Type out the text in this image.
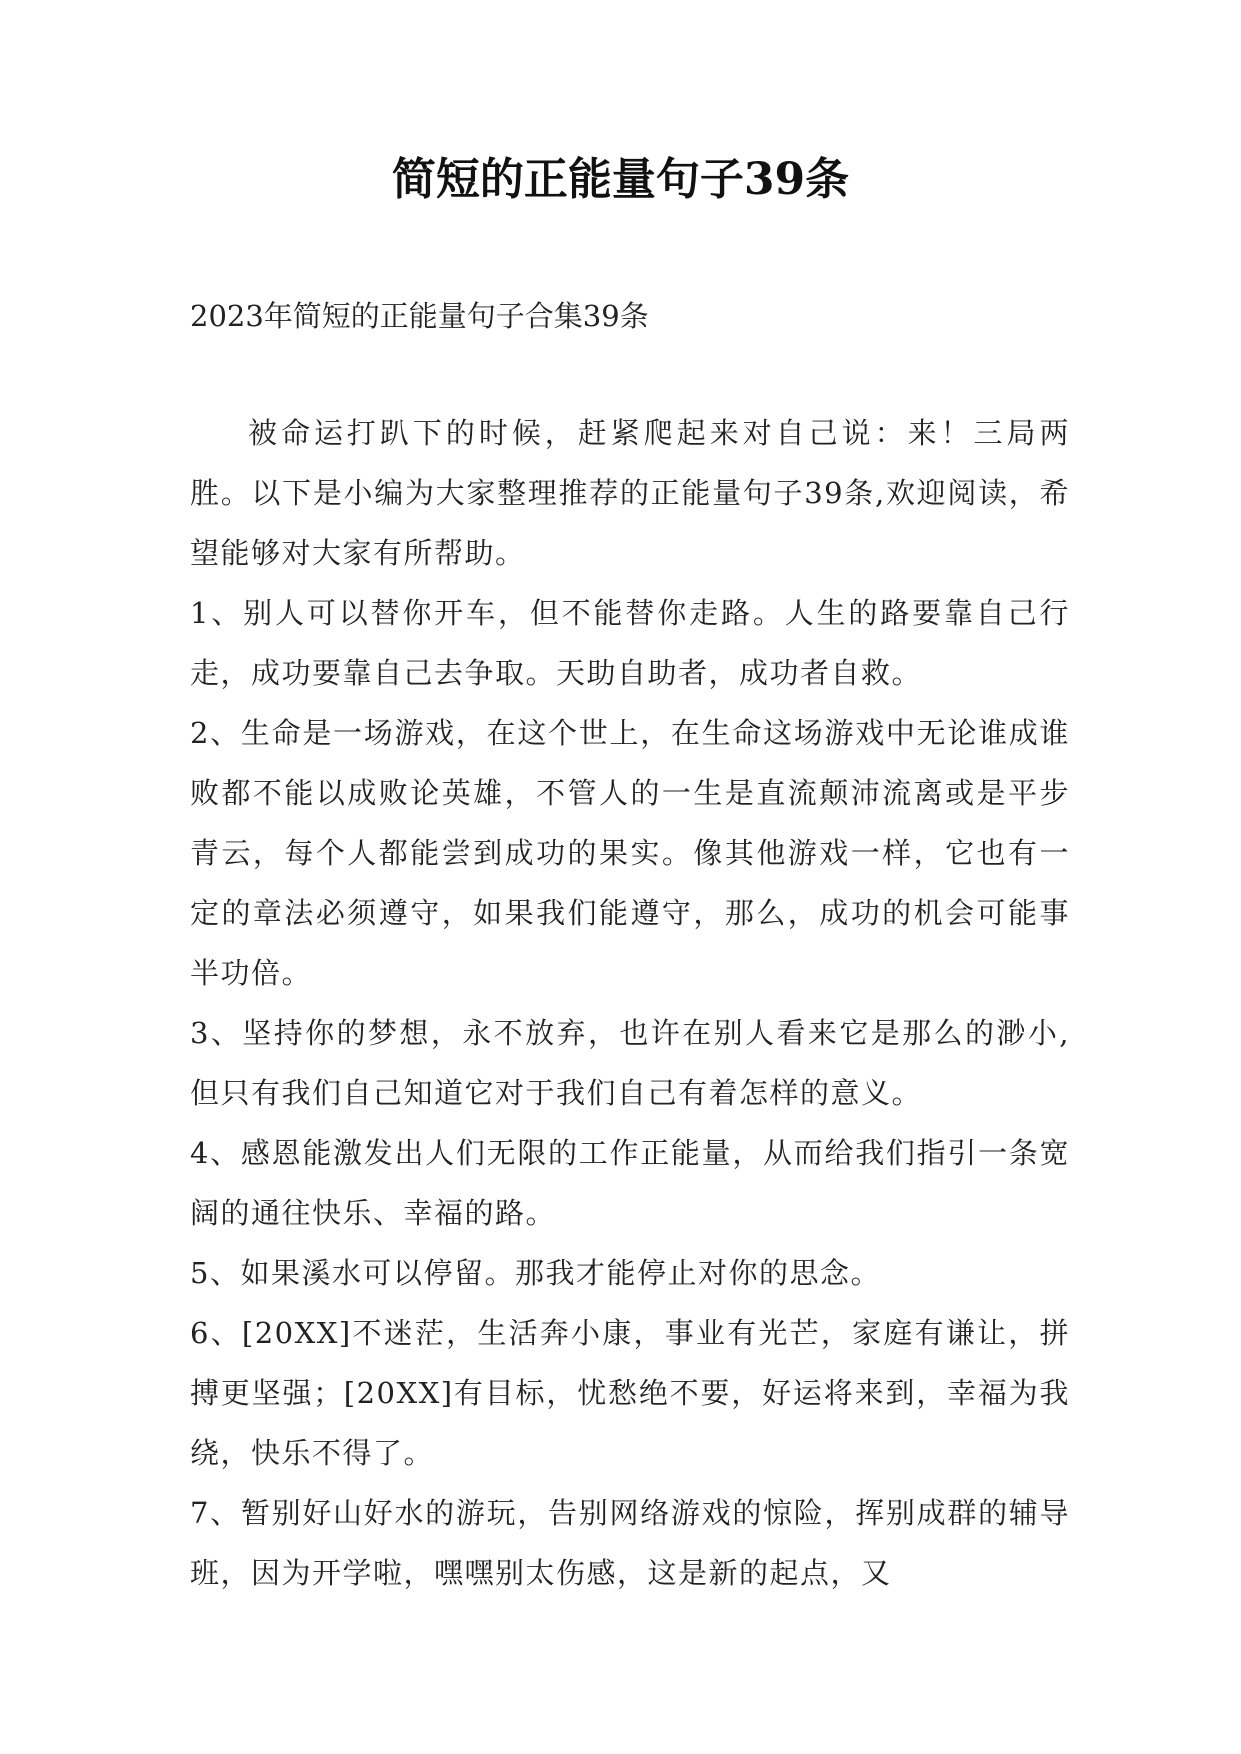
简短的正能量句子39条
2023年简短的正能量句子合集39条

被命运打趴下的时候，赶紧爬起来对自己说：来！三局两胜。以下是小编为大家整理推荐的正能量句子39条,欢迎阅读，希望能够对大家有所帮助。

1、别人可以替你开车，但不能替你走路。人生的路要靠自己行走，成功要靠自己去争取。天助自助者，成功者自救。

2、生命是一场游戏，在这个世上，在生命这场游戏中无论谁成谁败都不能以成败论英雄，不管人的一生是直流颠沛流离或是平步青云，每个人都能尝到成功的果实。像其他游戏一样，它也有一定的章法必须遵守，如果我们能遵守，那么，成功的机会可能事半功倍。

3、坚持你的梦想，永不放弃，也许在别人看来它是那么的渺小,但只有我们自己知道它对于我们自己有着怎样的意义。

4、感恩能激发出人们无限的工作正能量，从而给我们指引一条宽阔的通往快乐、幸福的路。

5、如果溪水可以停留。那我才能停止对你的思念。

6、[20XX]不迷茫，生活奔小康，事业有光芒，家庭有谦让，拼搏更坚强；[20XX]有目标，忧愁绝不要，好运将来到，幸福为我绕，快乐不得了。

7、暂别好山好水的游玩，告别网络游戏的惊险，挥别成群的辅导班，因为开学啦，嘿嘿别太伤感，这是新的起点，又
